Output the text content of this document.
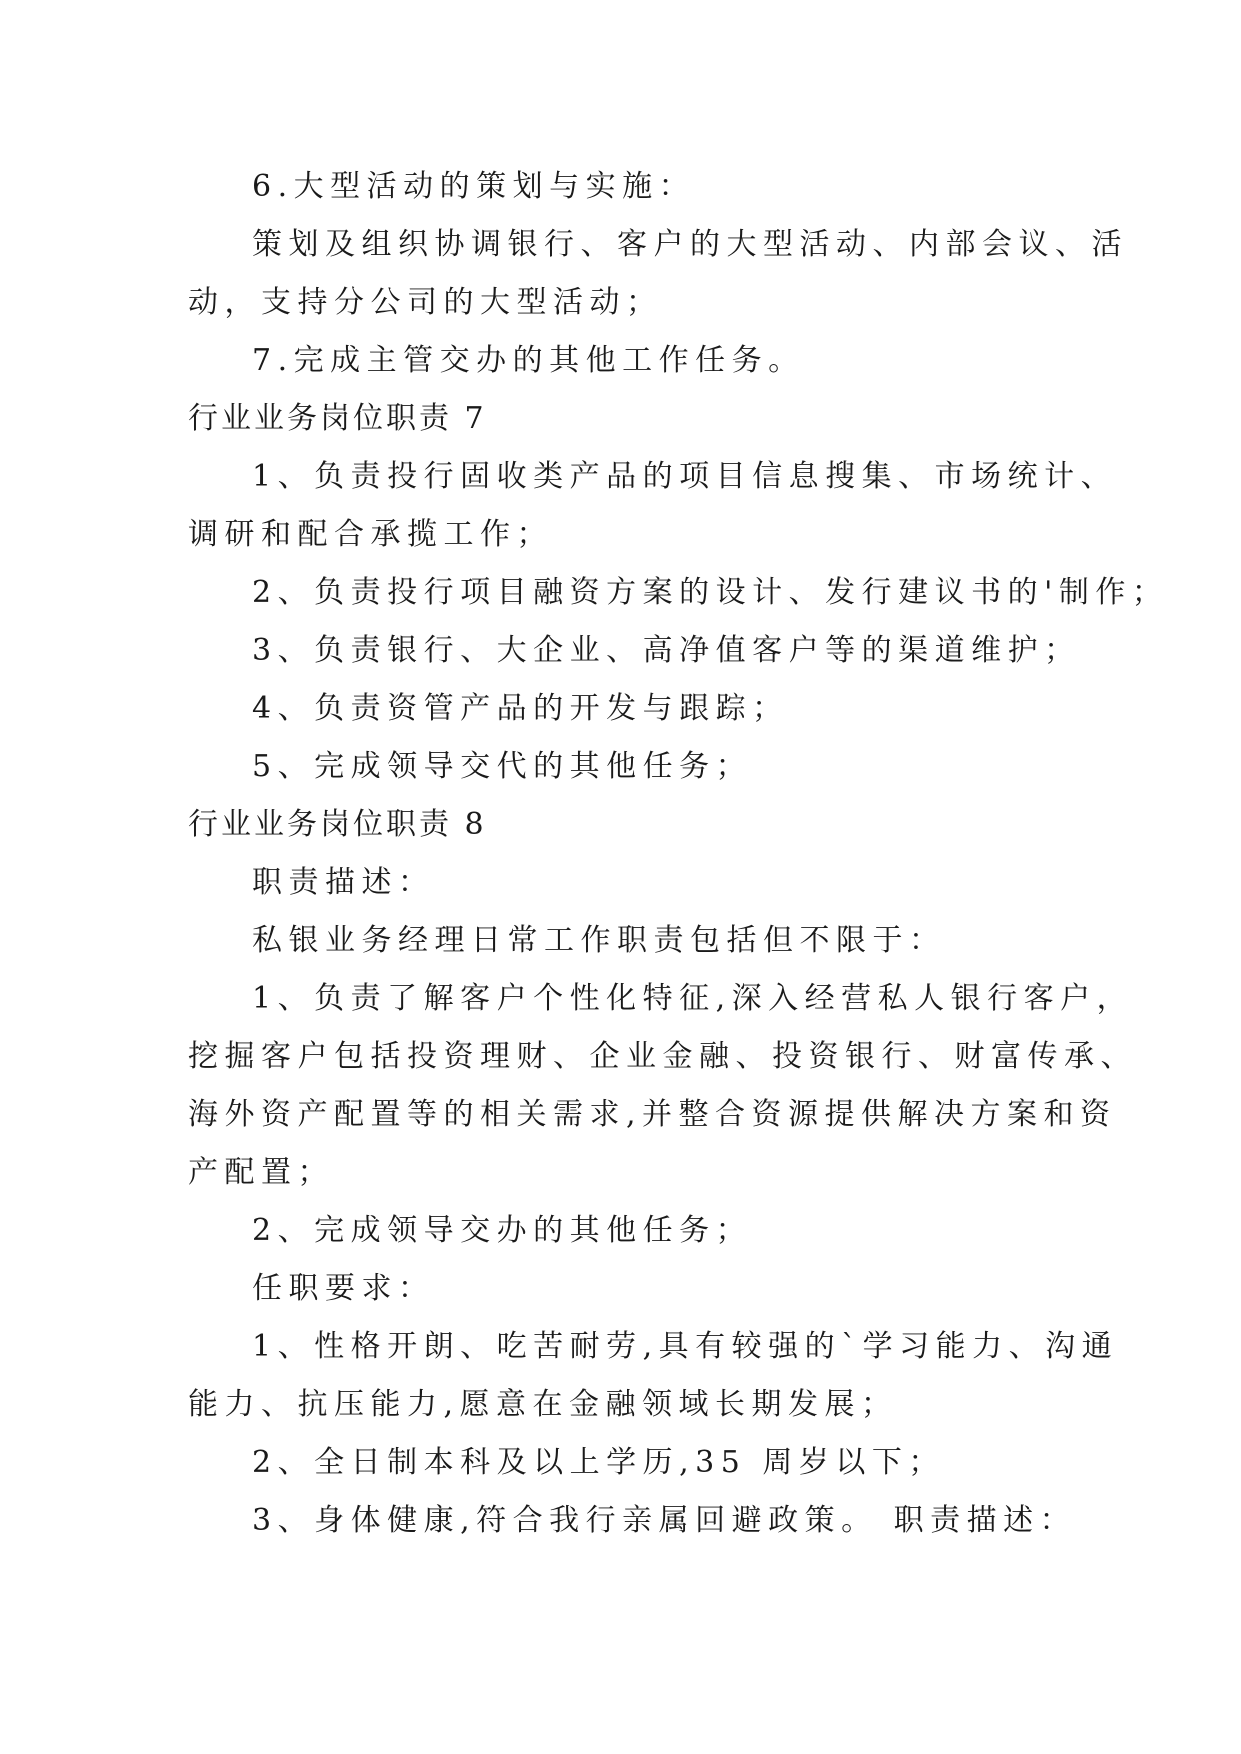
6.大型活动的策划与实施：
策划及组织协调银行、客户的大型活动、内部会议、活
动，支持分公司的大型活动；
7.完成主管交办的其他工作任务。
行业业务岗位职责 7
1、负责投行固收类产品的项目信息搜集、市场统计、
调研和配合承揽工作；
2、负责投行项目融资方案的设计、发行建议书的'制作；
3、负责银行、大企业、高净值客户等的渠道维护；
4、负责资管产品的开发与跟踪；
5、完成领导交代的其他任务；
行业业务岗位职责 8
职责描述：
私银业务经理日常工作职责包括但不限于：
1、负责了解客户个性化特征,深入经营私人银行客户，
挖掘客户包括投资理财、企业金融、投资银行、财富传承、
海外资产配置等的相关需求,并整合资源提供解决方案和资
产配置；
2、完成领导交办的其他任务；
任职要求：
1、性格开朗、吃苦耐劳,具有较强的`学习能力、沟通
能力、抗压能力,愿意在金融领域长期发展；
2、全日制本科及以上学历,35 周岁以下；
3、身体健康,符合我行亲属回避政策。 职责描述：
